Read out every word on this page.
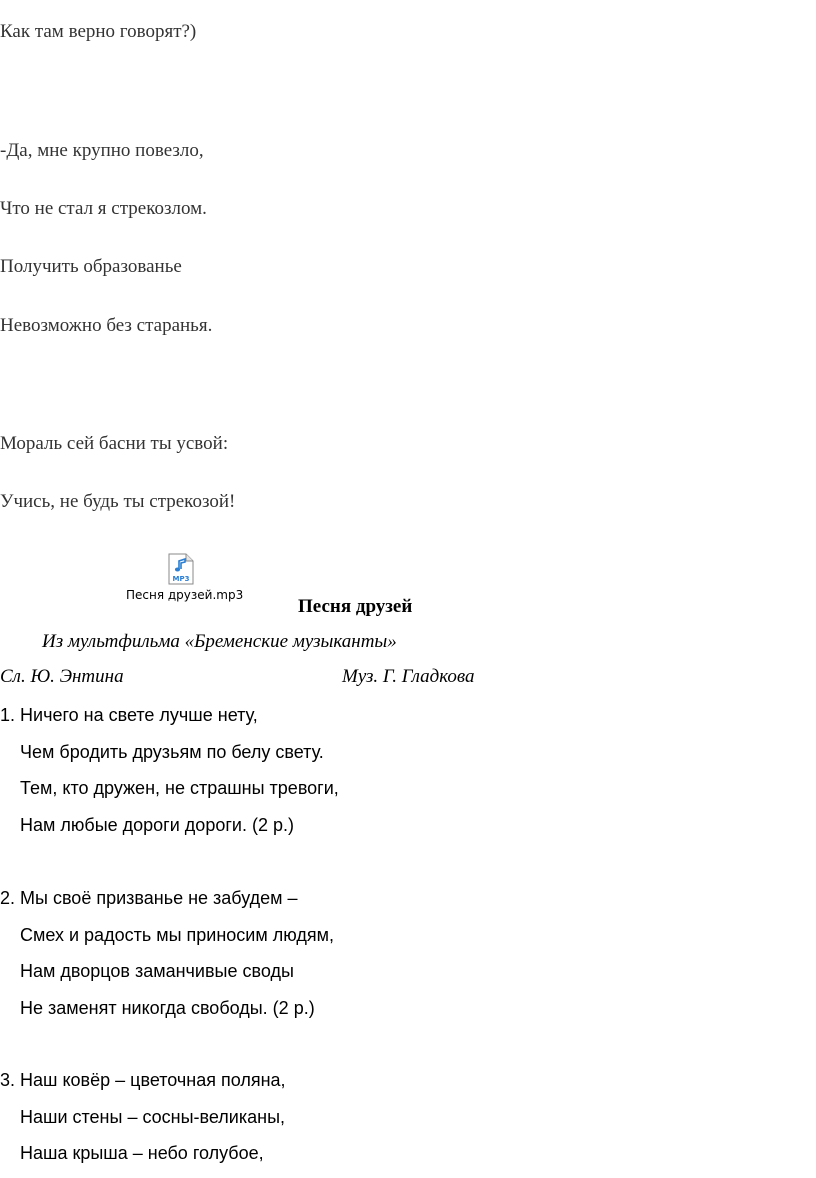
Как там верно говорят?)
-Да, мне крупно повезло,
Что не стал я стрекозлом.
Получить образованье
Невозможно без старанья.
Мораль сей басни ты усвой:
Учись, не будь ты стрекозой!
MP3
Песня друзей.mp3
Песня друзей
Из мультфильма «Бременские музыканты»
Сл. Ю. Энтина	Муз. Г. Гладкова
1. Ничего на свете лучше нету,
Чем бродить друзьям по белу свету.
Тем, кто дружен, не страшны тревоги,
Нам любые дороги дороги. (2 р.)
2. Мы своё призванье не забудем –
Смех и радость мы приносим людям,
Нам дворцов заманчивые своды
Не заменят никогда свободы. (2 р.)
3. Наш ковёр – цветочная поляна,
Наши стены – сосны-великаны,
Наша крыша – небо голубое,
